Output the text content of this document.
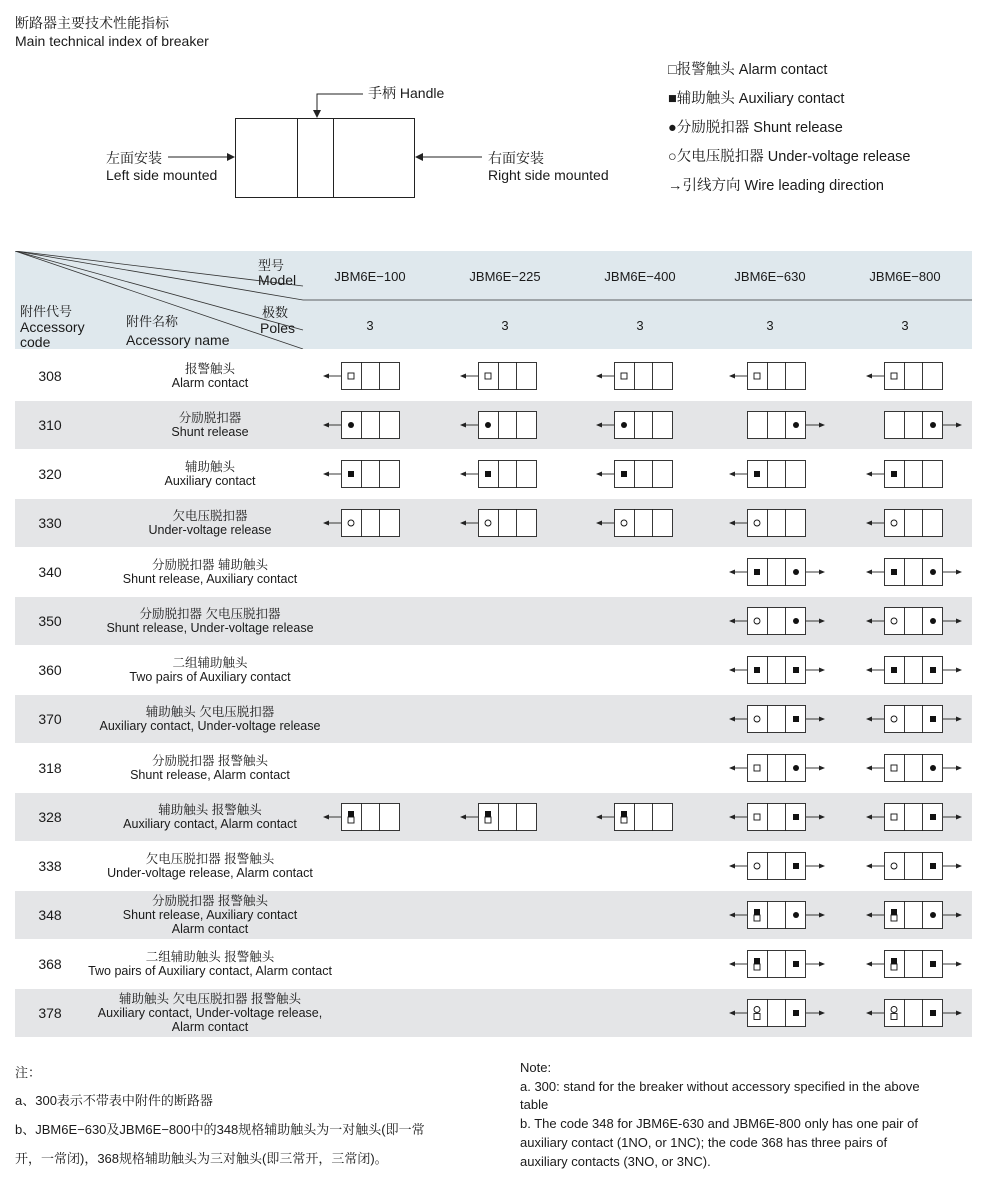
断路器主要技术性能指标
Main technical index of breaker
手柄 Handle
左面安装
Left side mounted
右面安装
Right side mounted
□报警触头 Alarm contact
■辅助触头 Auxiliary contact
●分励脱扣器 Shunt release
○欠电压脱扣器 Under-voltage release
→引线方向 Wire leading direction
型号
Model
极数
Poles
附件代号
Accessory
code
附件名称
Accessory name
JBM6E−100	JBM6E−225	JBM6E−400	JBM6E−630	JBM6E−800
3	3	3	3	3
308	报警触头
Alarm contact
310	分励脱扣器
Shunt release
320	辅助触头
Auxiliary contact
330	欠电压脱扣器
Under-voltage release
340	分励脱扣器 辅助触头
Shunt release, Auxiliary contact
350	分励脱扣器 欠电压脱扣器
Shunt release, Under-voltage release
360	二组辅助触头
Two pairs of Auxiliary contact
370	辅助触头 欠电压脱扣器
Auxiliary contact, Under-voltage release
318	分励脱扣器 报警触头
Shunt release, Alarm contact
328	辅助触头 报警触头
Auxiliary contact, Alarm contact
338	欠电压脱扣器 报警触头
Under-voltage release, Alarm contact
348
分励脱扣器 报警触头
Shunt release, Auxiliary contact
Alarm contact
368	二组辅助触头 报警触头
Two pairs of Auxiliary contact, Alarm contact
378
辅助触头 欠电压脱扣器 报警触头
Auxiliary contact, Under-voltage release,
Alarm contact
注：
a、300表示不带表中附件的断路器
b、JBM6E−630及JBM6E−800中的348规格辅助触头为一对触头(即一常
开，一常闭)，368规格辅助触头为三对触头(即三常开，三常闭)。
Note:
a. 300: stand for the breaker without accessory specified in the above
table
b. The code 348 for JBM6E-630 and JBM6E-800 only has one pair of
auxiliary contact (1NO, or 1NC); the code 368 has three pairs of
auxiliary contacts (3NO, or 3NC).
